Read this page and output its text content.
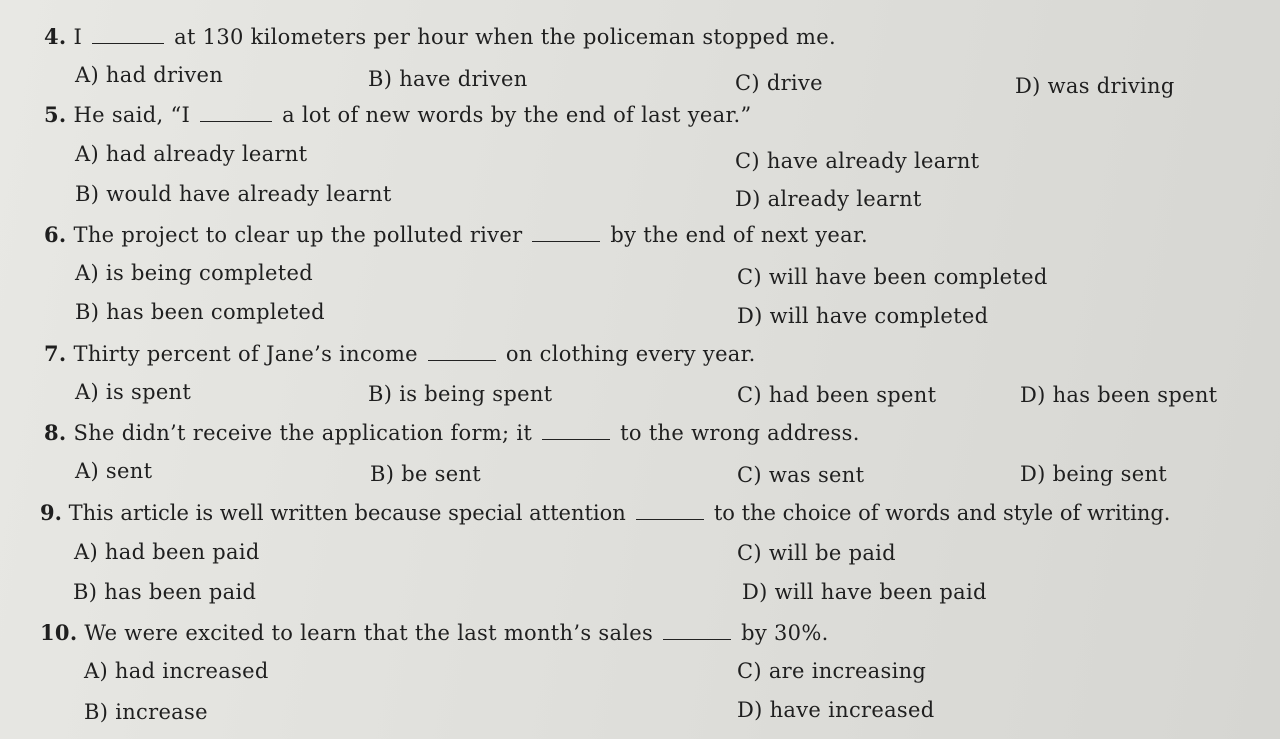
4. I	at 130 kilometers per hour when the policeman stopped me.
A) had driven	B) have driven	C) drive	D) was driving
5. He said, “I	a lot of new words by the end of last year.”
A) had already learnt	C) have already learnt
B) would have already learnt	D) already learnt
6. The project to clear up the polluted river	by the end of next year.
A) is being completed	C) will have been completed
B) has been completed	D) will have completed
7. Thirty percent of Jane’s income	on clothing every year.
A) is spent	B) is being spent	C) had been spent	D) has been spent
8. She didn’t receive the application form; it	to the wrong address.
A) sent	B) be sent	C) was sent	D) being sent
9. This article is well written because special attention	to the choice of words and style of writing.
A) had been paid	C) will be paid
B) has been paid	D) will have been paid
10. We were excited to learn that the last month’s sales	by 30%.
A) had increased	C) are increasing
B) increase	D) have increased
